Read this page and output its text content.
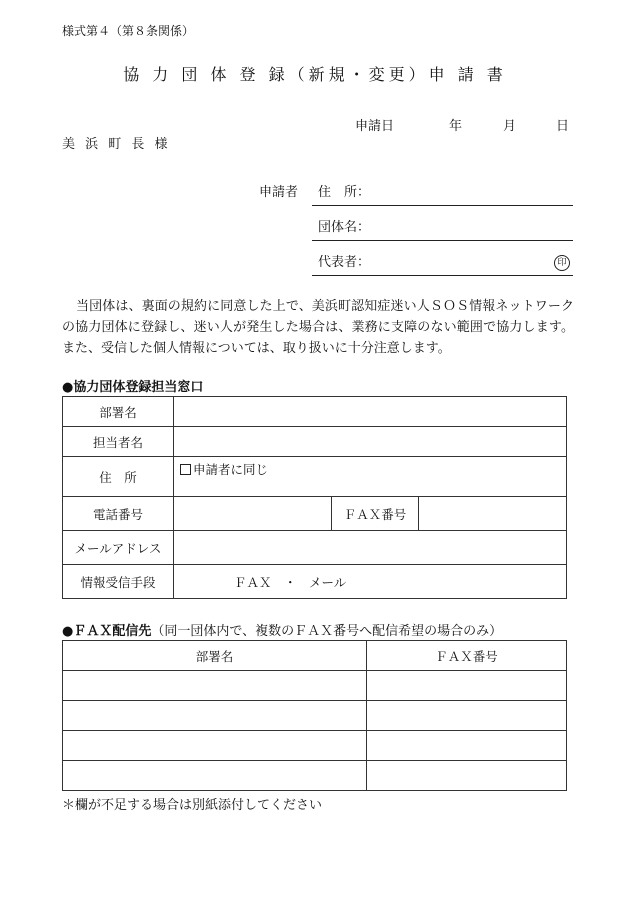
様式第４（第８条関係）
協 力 団 体 登 録（新規・変更）申 請 書
申請日	年	月	日
美 浜 町 長 様
申請者 住　所：
団体名：
代表者：	印
当団体は、裏面の規約に同意した上で、美浜町認知症迷い人ＳＯＳ情報ネットワークの協力団体に登録し、迷い人が発生した場合は、業務に支障のない範囲で協力します。また、受信した個人情報については、取り扱いに十分注意します。
●協力団体登録担当窓口
部署名			
担当者名			
住　所	申請者に同じ		
電話番号		ＦＡＸ番号	
メールアドレス			
情報受信手段	ＦＡＸ　・　メール		
●ＦＡＸ配信先（同一団体内で、複数のＦＡＸ番号へ配信希望の場合のみ）
部署名	ＦＡＸ番号

＊欄が不足する場合は別紙添付してください
